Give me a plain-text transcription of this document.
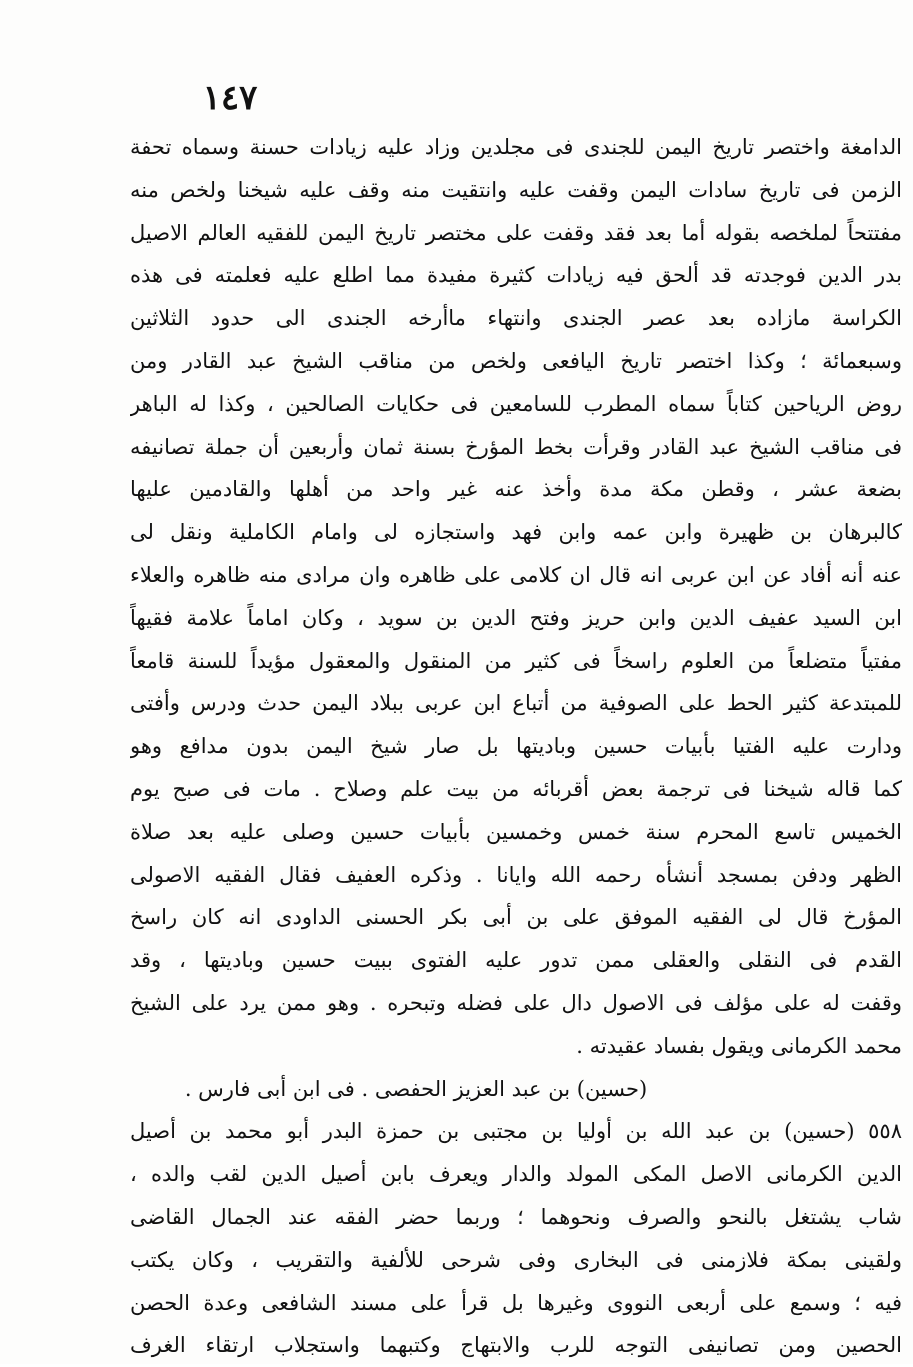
١٤٧
الدامغة واختصر تاريخ اليمن للجندى فى مجلدين وزاد عليه زيادات حسنة وسماه تحفة
الزمن فى تاريخ سادات اليمن وقفت عليه وانتقيت منه وقف عليه شيخنا ولخص منه
مفتتحاً لملخصه بقوله أما بعد فقد وقفت على مختصر تاريخ اليمن للفقيه العالم الاصيل
بدر الدين فوجدته قد ألحق فيه زيادات كثيرة مفيدة مما اطلع عليه فعلمته فى هذه
الكراسة مازاده بعد عصر الجندى وانتهاء ماأرخه الجندى الى حدود الثلاثين
وسبعمائة ؛ وكذا اختصر تاريخ اليافعى ولخص من مناقب الشيخ عبد القادر ومن
روض الرياحين كتاباً سماه المطرب للسامعين فى حكايات الصالحين ، وكذا له الباهر
فى مناقب الشيخ عبد القادر وقرأت بخط المؤرخ بسنة ثمان وأربعين أن جملة تصانيفه
بضعة عشر ، وقطن مكة مدة وأخذ عنه غير واحد من أهلها والقادمين عليها
كالبرهان بن ظهيرة وابن عمه وابن فهد واستجازه لى وامام الكاملية ونقل لى
عنه أنه أفاد عن ابن عربى انه قال ان كلامى على ظاهره وان مرادى منه ظاهره والعلاء
ابن السيد عفيف الدين وابن حريز وفتح الدين بن سويد ، وكان اماماً علامة فقيهاً
مفتياً متضلعاً من العلوم راسخاً فى كثير من المنقول والمعقول مؤيداً للسنة قامعاً
للمبتدعة كثير الحط على الصوفية من أتباع ابن عربى ببلاد اليمن حدث ودرس وأفتى
ودارت عليه الفتيا بأبيات حسين وباديتها بل صار شيخ اليمن بدون مدافع وهو
كما قاله شيخنا فى ترجمة بعض أقربائه من بيت علم وصلاح . مات فى صبح يوم
الخميس تاسع المحرم سنة خمس وخمسين بأبيات حسين وصلى عليه بعد صلاة
الظهر ودفن بمسجد أنشأه رحمه الله وايانا . وذكره العفيف فقال الفقيه الاصولى
المؤرخ قال لى الفقيه الموفق على بن أبى بكر الحسنى الداودى انه كان راسخ
القدم فى النقلى والعقلى ممن تدور عليه الفتوى ببيت حسين وباديتها ، وقد
وقفت له على مؤلف فى الاصول دال على فضله وتبحره . وهو ممن يرد على الشيخ
محمد الكرمانى ويقول بفساد عقيدته .
(حسين) بن عبد العزيز الحفصى . فى ابن أبى فارس .
٥٥٨ (حسين) بن عبد الله بن أوليا بن مجتبى بن حمزة البدر أبو محمد بن أصيل
الدين الكرمانى الاصل المكى المولد والدار ويعرف بابن أصيل الدين لقب والده ،
شاب يشتغل بالنحو والصرف ونحوهما ؛ وربما حضر الفقه عند الجمال القاضى
ولقينى بمكة فلازمنى فى البخارى وفى شرحى للألفية والتقريب ، وكان يكتب
فيه ؛ وسمع على أربعى النووى وغيرها بل قرأ على مسند الشافعى وعدة الحصن
الحصين ومن تصانيفى التوجه للرب والابتهاج وكتبهما واستجلاب ارتقاء الغرف
